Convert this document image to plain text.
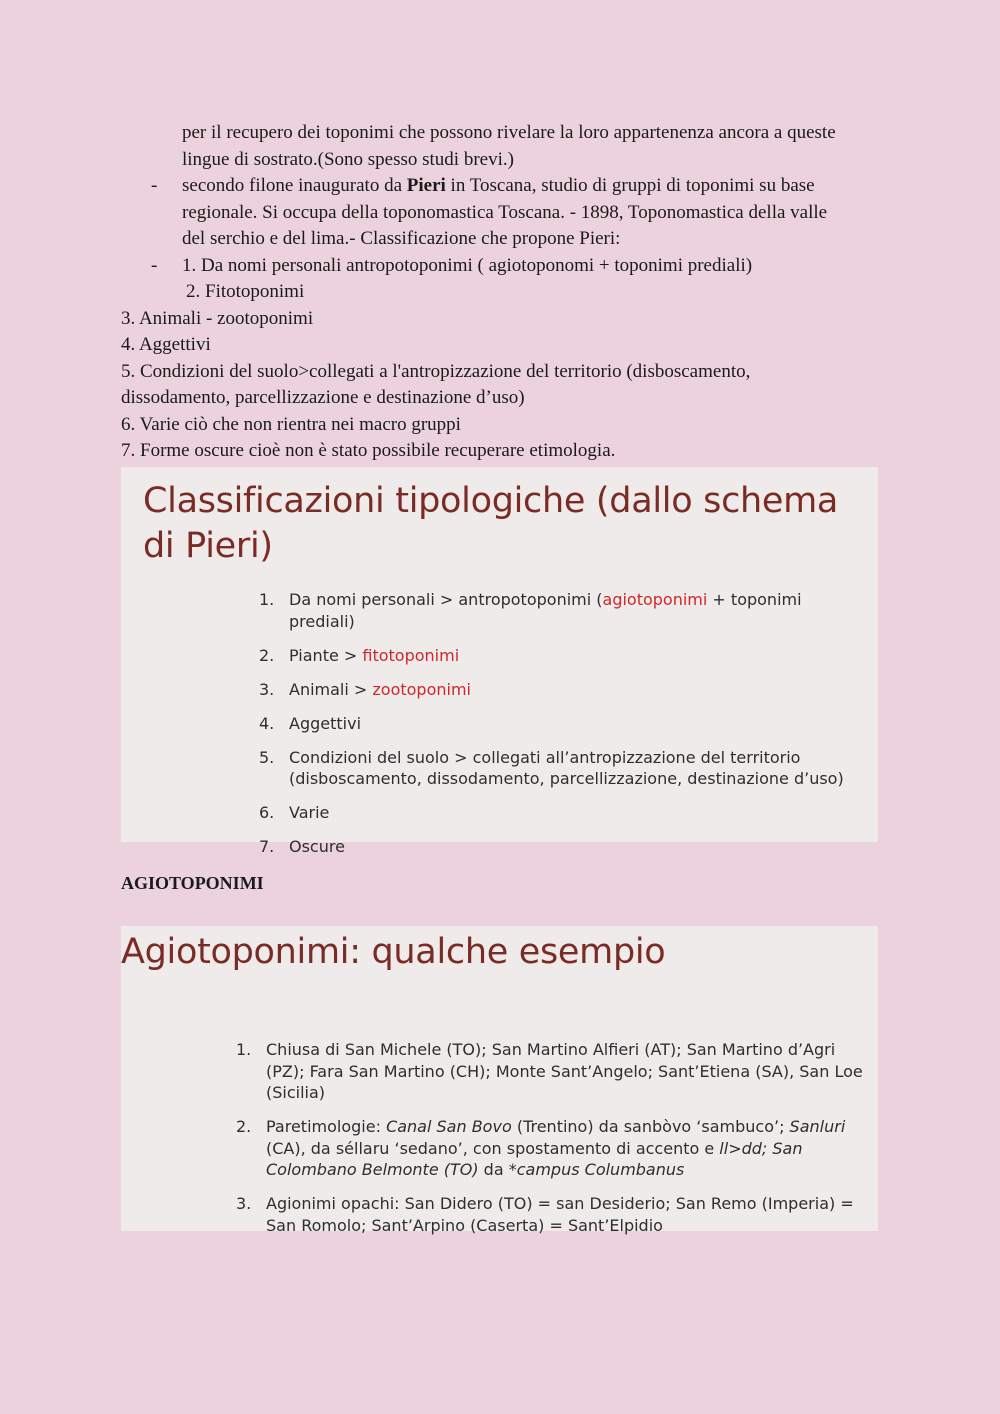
per il recupero dei toponimi che possono rivelare la loro appartenenza ancora a queste
lingue di sostrato.(Sono spesso studi brevi.)
- secondo filone inaugurato da Pieri in Toscana, studio di gruppi di toponimi su base
regionale. Si occupa della toponomastica Toscana. - 1898, Toponomastica della valle
del serchio e del lima.- Classificazione che propone Pieri:
- 1. Da nomi personali antropotoponimi ( agiotoponomi + toponimi prediali)
2. Fitotoponimi
3. Animali - zootoponimi
4. Aggettivi
5. Condizioni del suolo>collegati a l'antropizzazione del territorio (disboscamento,
dissodamento, parcellizzazione e destinazione d’uso)
6. Varie ciò che non rientra nei macro gruppi
7. Forme oscure cioè non è stato possibile recuperare etimologia.
Classificazioni tipologiche (dallo schema di Pieri)
1. Da nomi personali > antropotoponimi (agiotoponimi + toponimi prediali)
2. Piante > fitotoponimi
3. Animali > zootoponimi
4. Aggettivi
5. Condizioni del suolo > collegati all’antropizzazione del territorio (disboscamento, dissodamento, parcellizzazione, destinazione d’uso)
6. Varie
7. Oscure
AGIOTOPONIMI
Agiotoponimi: qualche esempio
1. Chiusa di San Michele (TO); San Martino Alfieri (AT); San Martino d’Agri (PZ); Fara San Martino (CH); Monte Sant’Angelo; Sant’Etiena (SA), San Loe (Sicilia)
2. Paretimologie: Canal San Bovo (Trentino) da sanbòvo ‘sambuco’; Sanluri (CA), da séllaru ‘sedano’, con spostamento di accento e ll>dd; San Colombano Belmonte (TO) da *campus Columbanus
3. Agionimi opachi: San Didero (TO) = san Desiderio; San Remo (Imperia) = San Romolo; Sant’Arpino (Caserta) = Sant’Elpidio
